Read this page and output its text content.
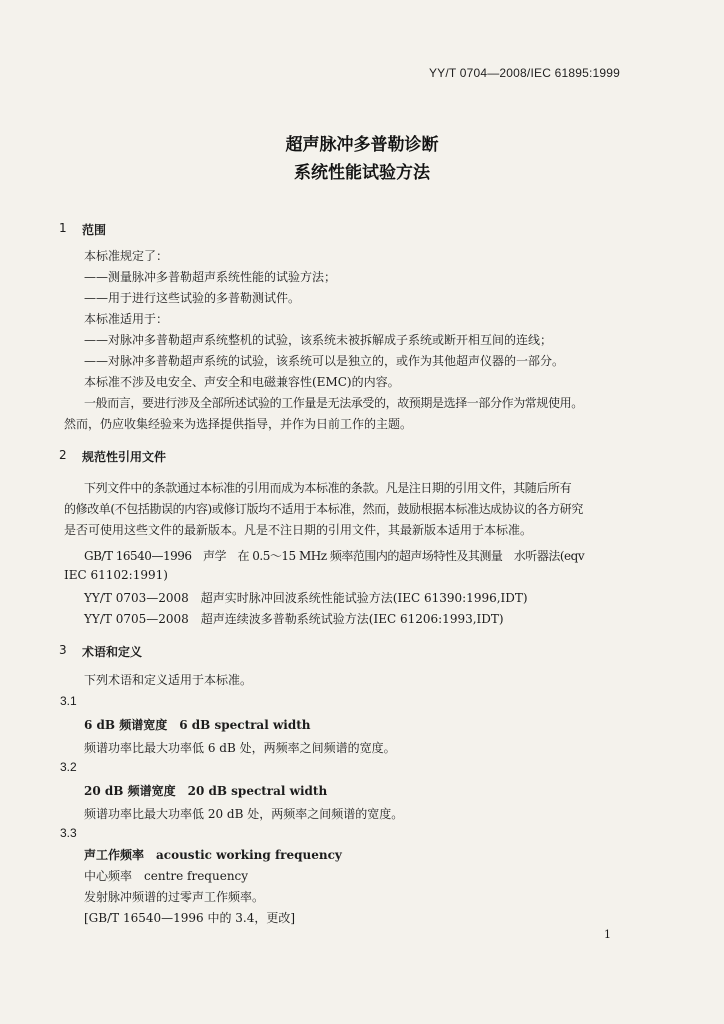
YY/T 0704—2008/IEC 61895:1999
超声脉冲多普勒诊断
系统性能试验方法
1 范围
本标准规定了：
——测量脉冲多普勒超声系统性能的试验方法；
——用于进行这些试验的多普勒测试件。
本标准适用于：
——对脉冲多普勒超声系统整机的试验，该系统未被拆解成子系统或断开相互间的连线；
——对脉冲多普勒超声系统的试验，该系统可以是独立的，或作为其他超声仪器的一部分。
本标准不涉及电安全、声安全和电磁兼容性(EMC)的内容。
一般而言，要进行涉及全部所述试验的工作量是无法承受的，故预期是选择一部分作为常规使用。
然而，仍应收集经验来为选择提供指导，并作为日前工作的主题。
2 规范性引用文件
下列文件中的条款通过本标准的引用而成为本标准的条款。凡是注日期的引用文件，其随后所有
的修改单(不包括勘误的内容)或修订版均不适用于本标准，然而，鼓励根据本标准达成协议的各方研究
是否可使用这些文件的最新版本。凡是不注日期的引用文件，其最新版本适用于本标准。
GB/T 16540—1996　声学　在 0.5～15 MHz 频率范围内的超声场特性及其测量　水听器法(eqv
IEC 61102:1991)
YY/T 0703—2008　超声实时脉冲回波系统性能试验方法(IEC 61390:1996,IDT)
YY/T 0705—2008　超声连续波多普勒系统试验方法(IEC 61206:1993,IDT)
3 术语和定义
下列术语和定义适用于本标准。
3.1
6 dB 频谱宽度　6 dB spectral width
频谱功率比最大功率低 6 dB 处，两频率之间频谱的宽度。
3.2
20 dB 频谱宽度　20 dB spectral width
频谱功率比最大功率低 20 dB 处，两频率之间频谱的宽度。
3.3
声工作频率　acoustic working frequency
中心频率　centre frequency
发射脉冲频谱的过零声工作频率。
[GB/T 16540—1996 中的 3.4，更改]
1
